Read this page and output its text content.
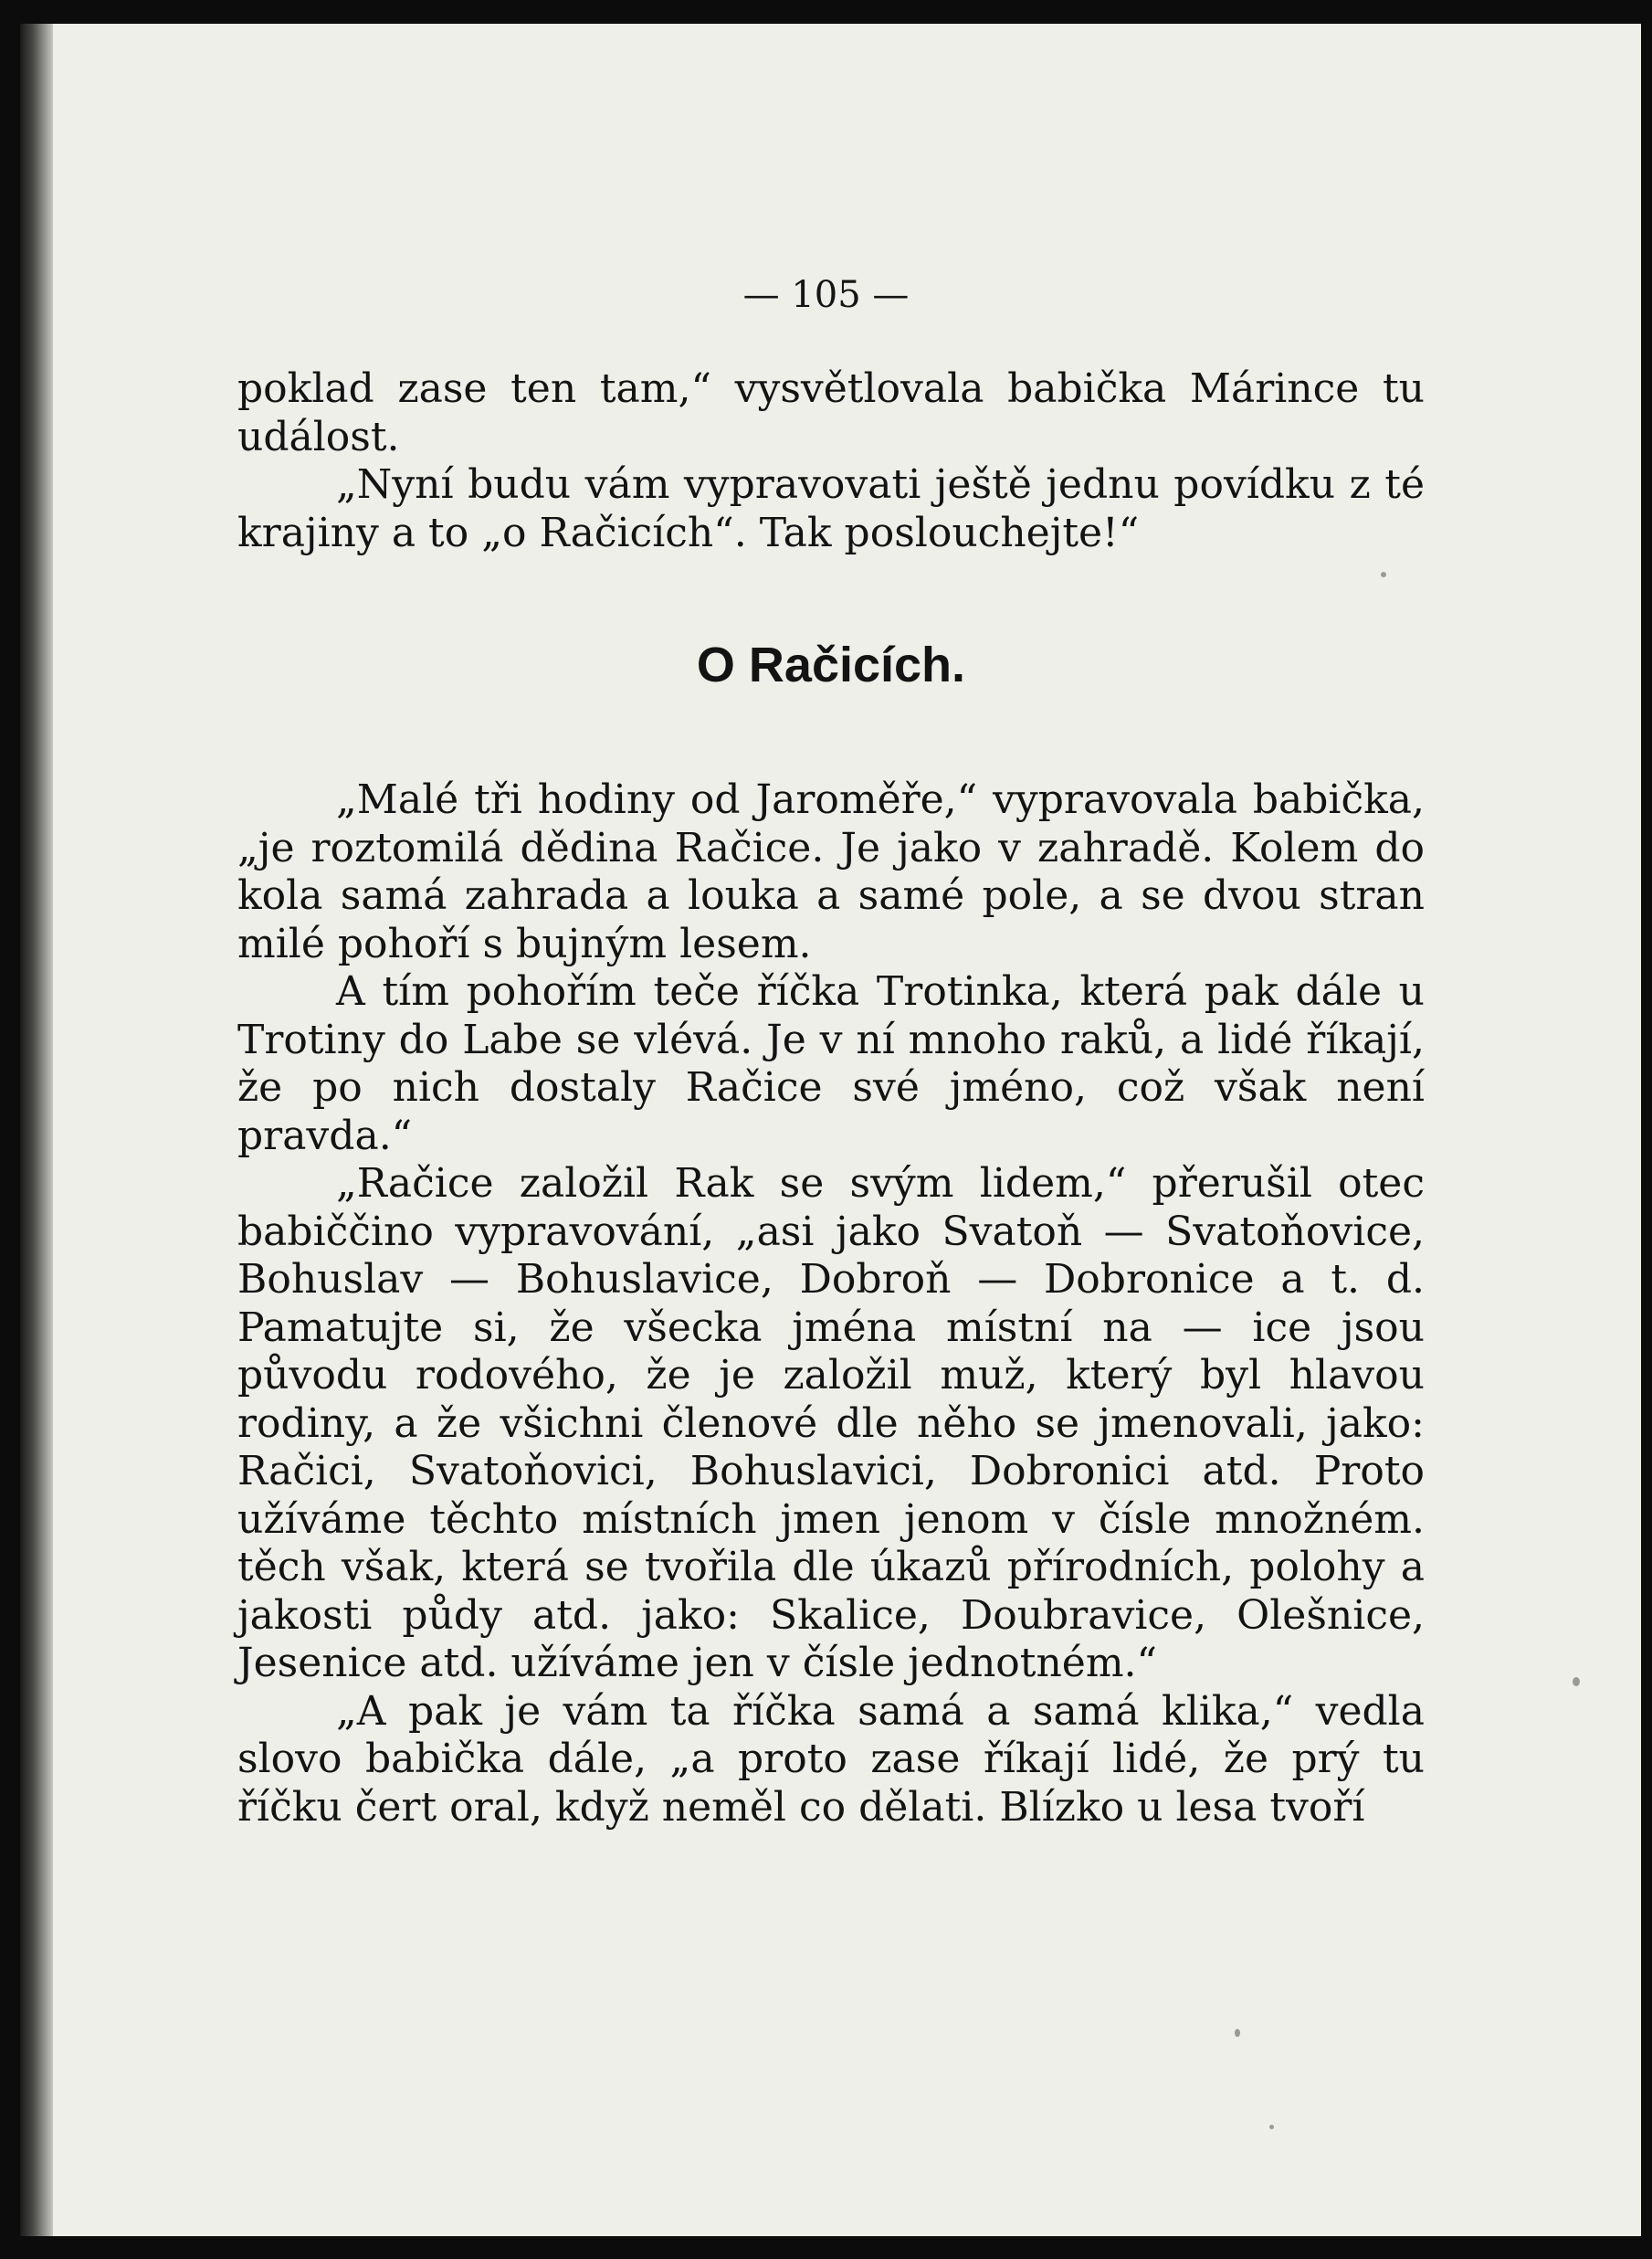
— 105 —

poklad zase ten tam,“ vysvětlovala babička Márince tu událost.

„Nyní budu vám vypravovati ještě jednu povídku z té krajiny a to „o Račicích“. Tak poslouchejte!“

O Račicích.

„Malé tři hodiny od Jaroměře,“ vypravovala babička, „je roztomilá dědina Račice. Je jako v zahradě. Kolem do kola samá zahrada a louka a samé pole, a se dvou stran milé pohoří s bujným lesem.

A tím pohořím teče říčka Trotinka, která pak dále u Trotiny do Labe se vlévá. Je v ní mnoho raků, a lidé říkají, že po nich dostaly Račice své jméno, což však není pravda.“

„Račice založil Rak se svým lidem,“ přerušil otec babiččino vypravování, „asi jako Svatoň — Svatoňovice, Bohuslav — Bohuslavice, Dobroň — Dobronice a t. d. Pamatujte si, že všecka jména místní na — ice jsou původu rodového, že je založil muž, který byl hlavou rodiny, a že všichni členové dle něho se jmenovali, jako: Račici, Svatoňovici, Bohuslavici, Dobronici atd. Proto užíváme těchto místních jmen jenom v čísle množném. těch však, která se tvořila dle úkazů přírodních, polohy a jakosti půdy atd. jako: Skalice, Doubravice, Olešnice, Jesenice atd. užíváme jen v čísle jednotném.“

„A pak je vám ta říčka samá a samá klika,“ vedla slovo babička dále, „a proto zase říkají lidé, že prý tu říčku čert oral, když neměl co dělati. Blízko u lesa tvoří
